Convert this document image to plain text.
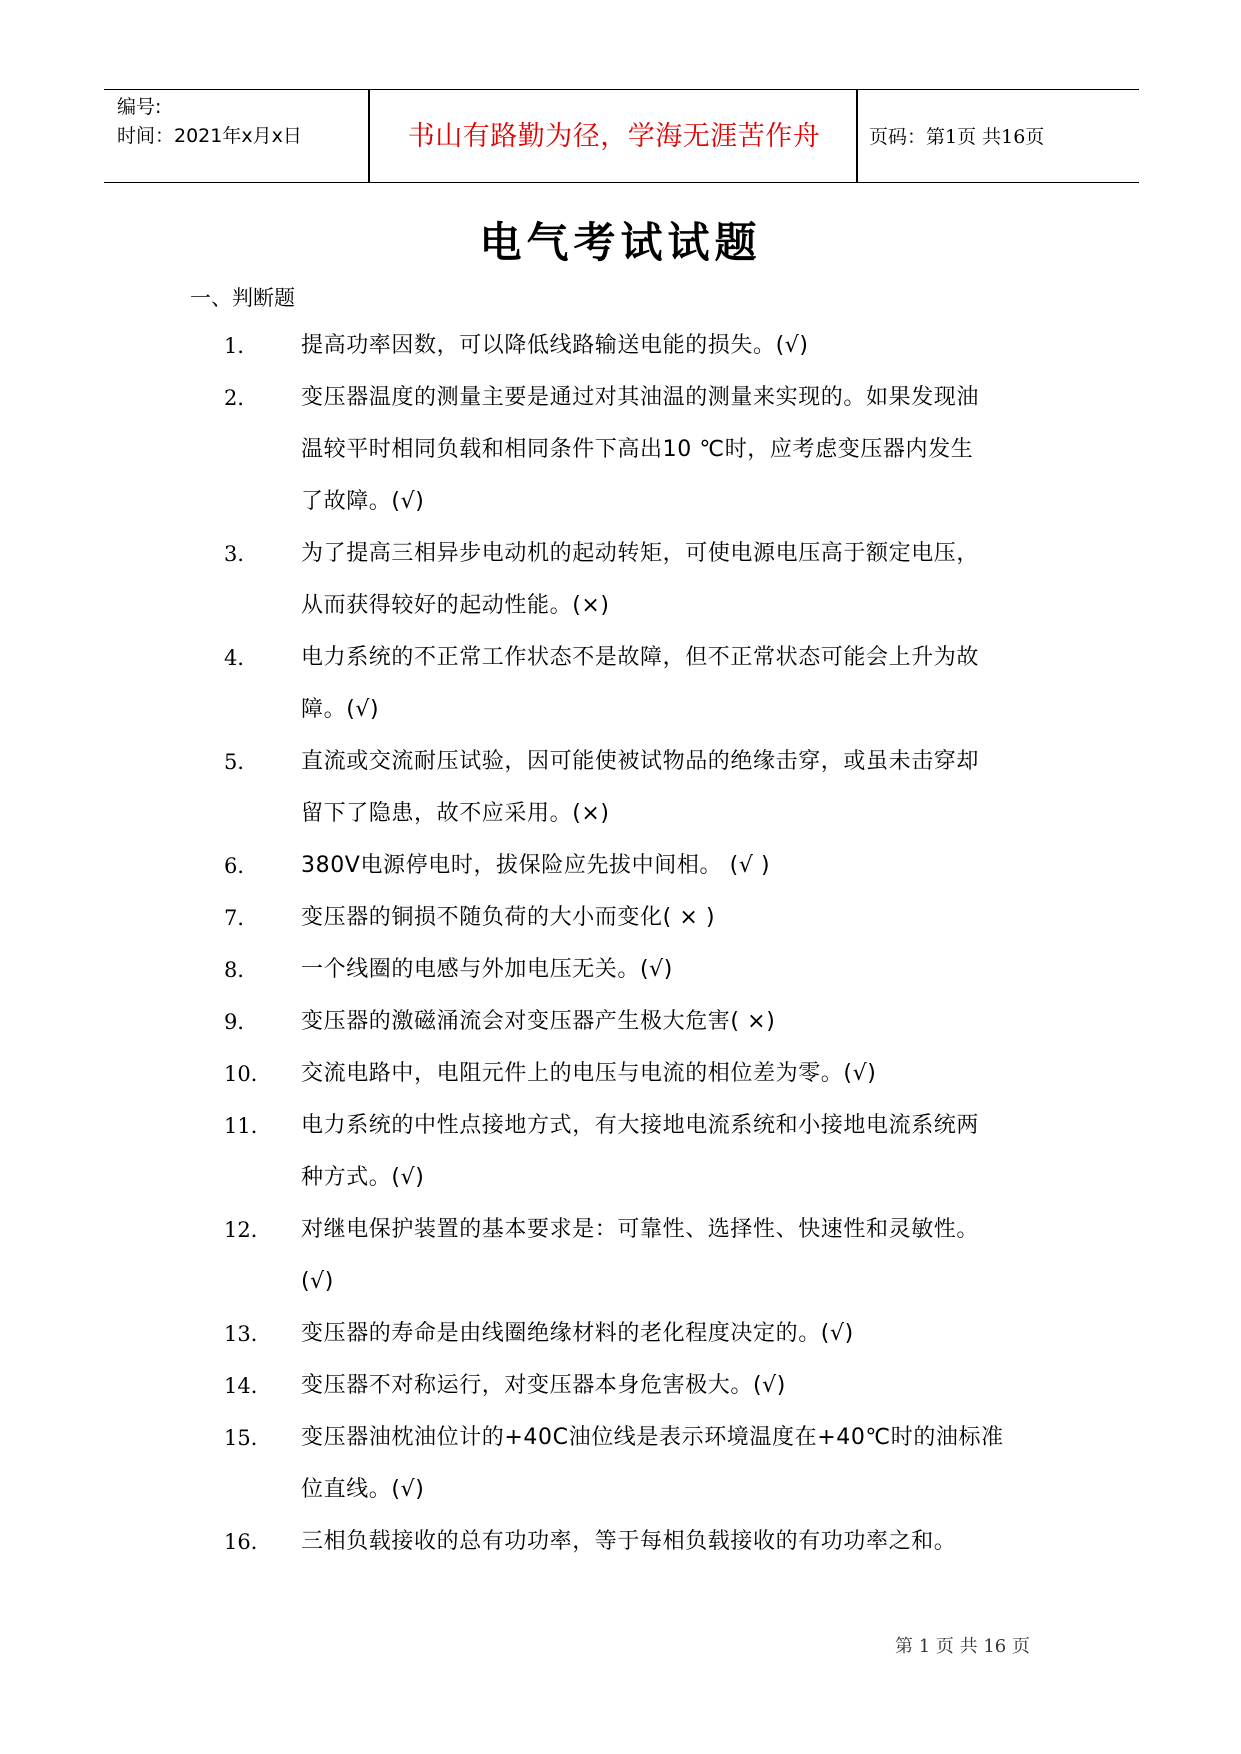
编号:
时间：2021年x月x日	书山有路勤为径，学海无涯苦作舟	页码：第1页 共16页
电气考试试题
一、判断题
1． 提高功率因数，可以降低线路输送电能的损失。(√)
2． 变压器温度的测量主要是通过对其油温的测量来实现的。如果发现油
温较平时相同负载和相同条件下高出10 ℃时，应考虑变压器内发生
了故障。(√)
3． 为了提高三相异步电动机的起动转矩，可使电源电压高于额定电压，
从而获得较好的起动性能。(×)
4． 电力系统的不正常工作状态不是故障，但不正常状态可能会上升为故
障。(√)
5． 直流或交流耐压试验，因可能使被试物品的绝缘击穿，或虽未击穿却
留下了隐患，故不应采用。(×)
6． 380V电源停电时，拔保险应先拔中间相。 (√ )
7． 变压器的铜损不随负荷的大小而变化( × )
8． 一个线圈的电感与外加电压无关。(√)
9． 变压器的激磁涌流会对变压器产生极大危害( ×)
10． 交流电路中，电阻元件上的电压与电流的相位差为零。(√)
11． 电力系统的中性点接地方式，有大接地电流系统和小接地电流系统两
种方式。(√)
12． 对继电保护装置的基本要求是：可靠性、选择性、快速性和灵敏性。
(√)
13． 变压器的寿命是由线圈绝缘材料的老化程度决定的。(√)
14． 变压器不对称运行，对变压器本身危害极大。(√)
15． 变压器油枕油位计的+40C油位线是表示环境温度在+40℃时的油标准
位直线。(√)
16． 三相负载接收的总有功功率，等于每相负载接收的有功功率之和。
第 1 页 共 16 页
